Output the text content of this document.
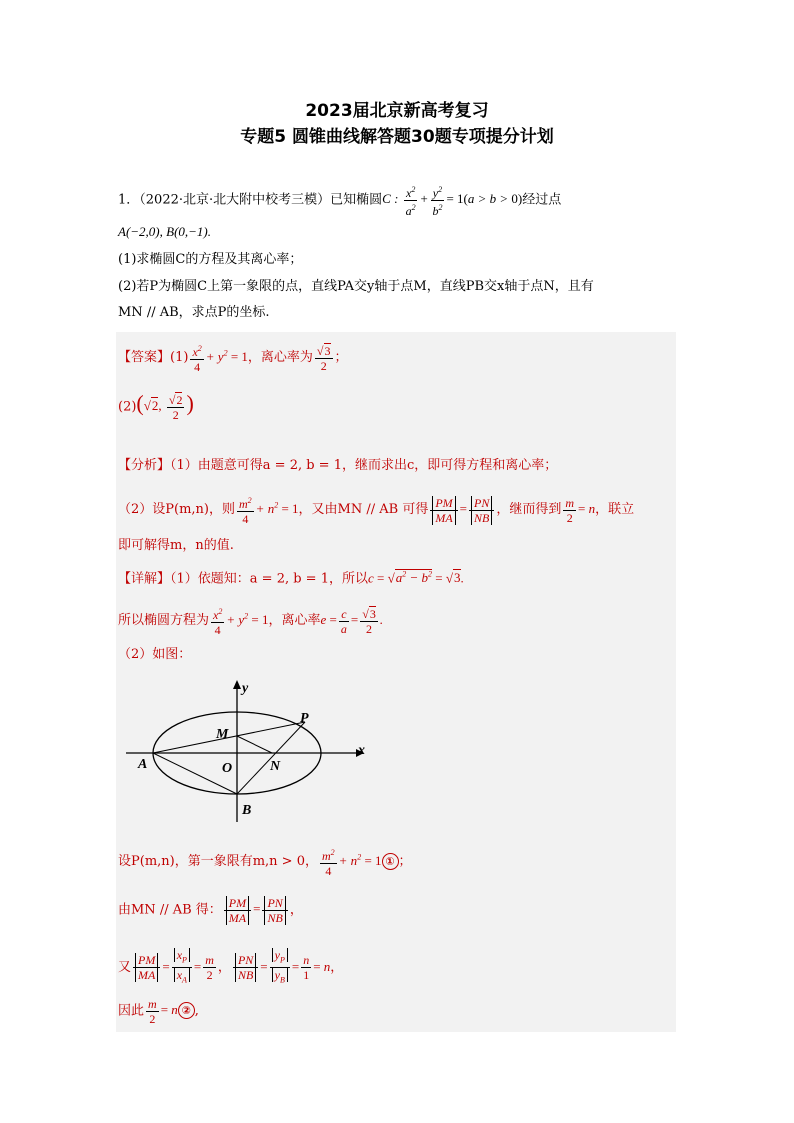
2023届北京新高考复习
专题5 圆锥曲线解答题30题专项提分计划
1．（2022·北京·北大附中校考三模）已知椭圆C : $\frac{x^2}{a^2} + \frac{y^2}{b^2} = 1(a > b > 0)$经过点
A(−2,0), B(0,−1).
(1)求椭圆C的方程及其离心率；
(2)若P为椭圆C上第一象限的点，直线PA交y轴于点M，直线PB交x轴于点N，且有
MN // AB，求点P的坐标.
【答案】$(1) \frac{x^2}{4} + y^2 = 1$，离心率为 $\frac{√3}{2}$ ；
(2)(√2, $\frac{√2}{2}$ )
【分析】（1）由题意可得a = 2, b = 1，继而求出c，即可得方程和离心率；
（2）设P(m,n)，则 $\frac{m^2}{4} + n^2 = 1$，又由MN // AB 可得 $\frac{PM}{MA} = \frac{PN}{NB}$ ，继而得到 $\frac{m}{2} = n$，联立
即可解得m，n的值.
【详解】（1）依题知：a = 2, b = 1，所以$c = √a^2 - b^2 = √3$.
所以椭圆方程为 $\frac{x^2}{4} + y^2 = 1$，离心率$e = \frac{c}{a} = \frac{√3}{2}$ .
（2）如图：
y
x
M
P
A	O	N
B
设P(m,n)，第一象限有m,n > 0， $\frac{m^2}{4} + n^2 = 1$ ① ；
由MN // AB 得： $\frac{PM}{MA} = \frac{PN}{NB}$ ，
又 $\frac{PM}{MA} = \frac{x_P}{x_A} = \frac{m}{2}$ ， $\frac{PN}{NB} = \frac{y_P}{y_B} = \frac{n}{1} = n$，
因此 $\frac{m}{2} = n$ ② ,
